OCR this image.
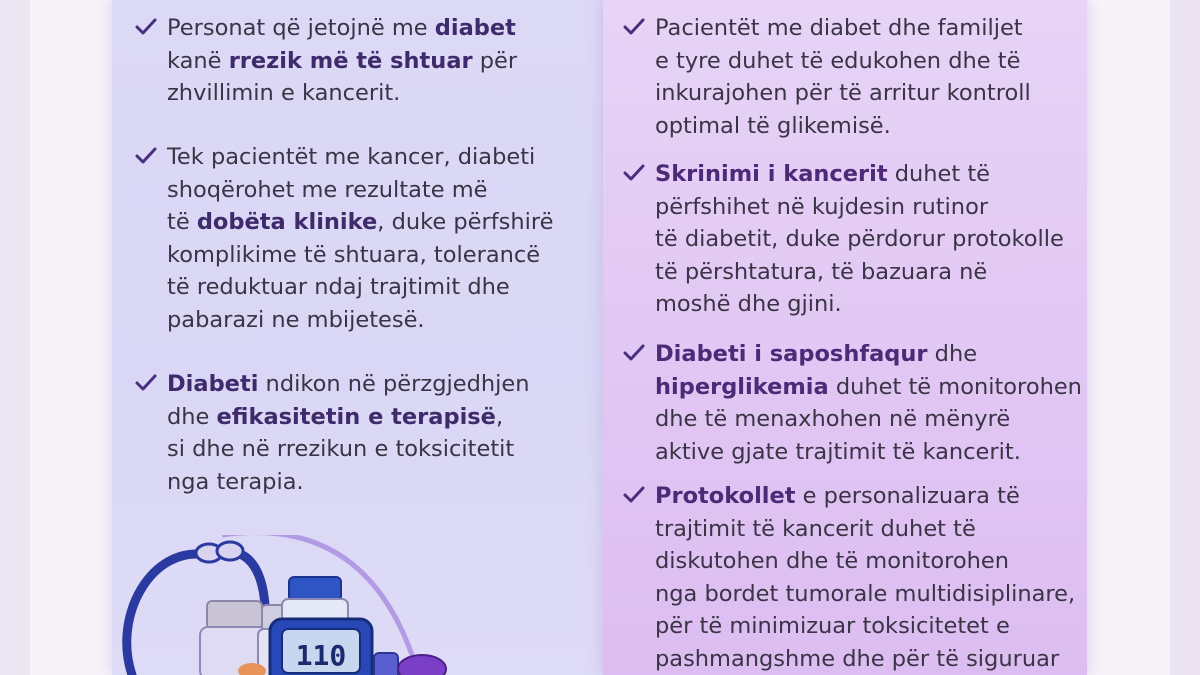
Personat që jetojnë me diabet
kanë rrezik më të shtuar për
zhvillimin e kancerit.
Tek pacientët me kancer, diabeti
shoqërohet me rezultate më
të dobëta klinike, duke përfshirë
komplikime të shtuara, tolerancë
të reduktuar ndaj trajtimit dhe
pabarazi ne mbijetesë.
Diabeti ndikon në përzgjedhjen
dhe efikasitetin e terapisë,
si dhe në rrezikun e toksicitetit
nga terapia.
110
Pacientët me diabet dhe familjet
e tyre duhet të edukohen dhe të
inkurajohen për të arritur kontroll
optimal të glikemisë.
Skrinimi i kancerit duhet të
përfshihet në kujdesin rutinor
të diabetit, duke përdorur protokolle
të përshtatura, të bazuara në
moshë dhe gjini.
Diabeti i saposhfaqur dhe
hiperglikemia duhet të monitorohen
dhe të menaxhohen në mënyrë
aktive gjate trajtimit të kancerit.
Protokollet e personalizuara të
trajtimit të kancerit duhet të
diskutohen dhe të monitorohen
nga bordet tumorale multidisiplinare,
për të minimizuar toksicitetet e
pashmangshme dhe për të siguruar
